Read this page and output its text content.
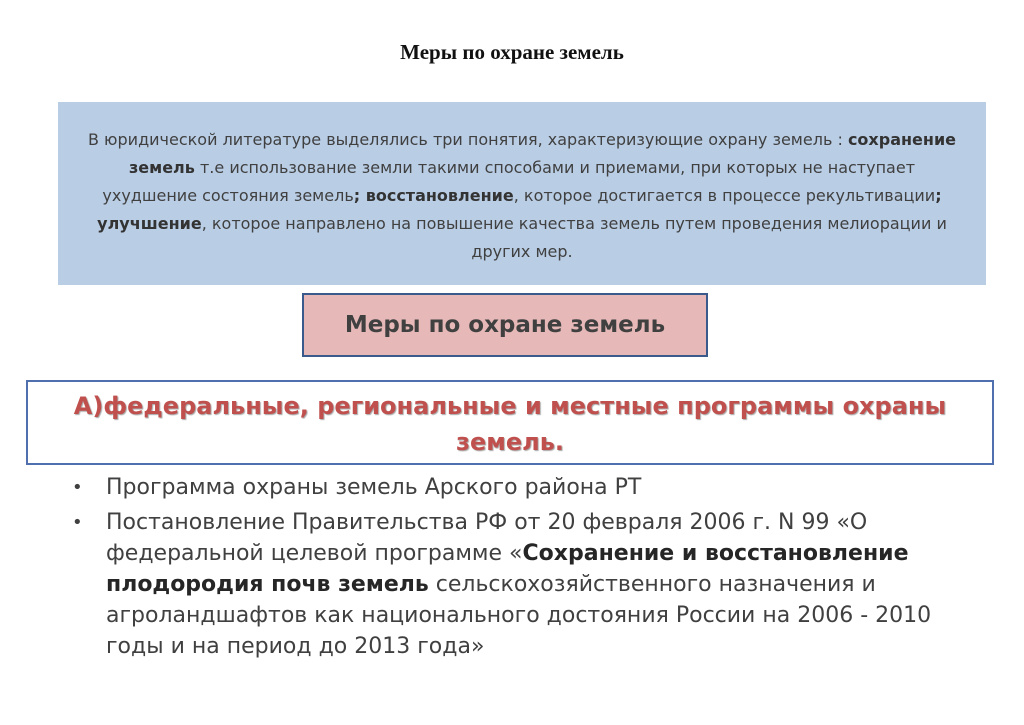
Меры по охране земель
В юридической литературе выделялись три понятия, характеризующие охрану земель : сохранение земель т.е использование земли такими способами и приемами, при которых не наступает ухудшение состояния земель; восстановление, которое достигается в процессе рекультивации; улучшение, которое направлено на повышение качества земель путем проведения мелиорации и других мер.
Меры по охране земель
А)федеральные, региональные и местные программы охраны
земель.
• Программа охраны земель Арского района РТ
• Постановление Правительства РФ от 20 февраля 2006 г. N 99 «О федеральной целевой программе «Сохранение и восстановление плодородия почв земель сельскохозяйственного назначения и агроландшафтов как национального достояния России на 2006 - 2010 годы и на период до 2013 года»
